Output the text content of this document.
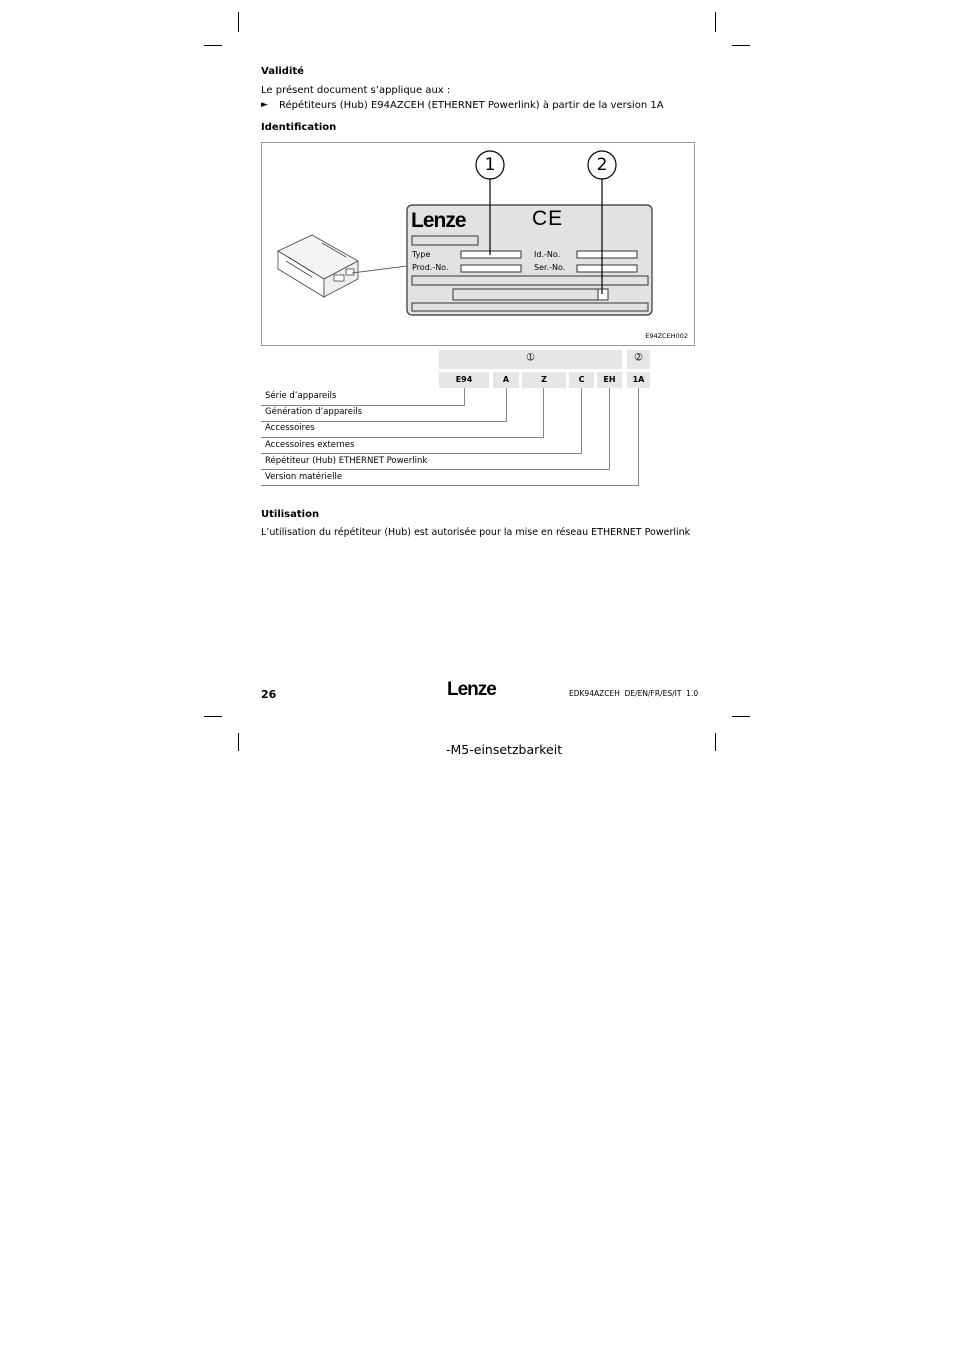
Validité
Le présent document s’applique aux :
► Répétiteurs (Hub) E94AZCEH (ETHERNET Powerlink) à partir de la version 1A
Identification
1	2
Lenze	CE
Type
Prod.-No.
Id.-No.
Ser.-No.
E94ZCEH002
➀	➁
E94	A	Z	C	EH	1A
Série d’appareils
Génération d’appareils
Accessoires
Accessoires externes
Répétiteur (Hub) ETHERNET Powerlink
Version matérielle
Utilisation
L’utilisation du répétiteur (Hub) est autorisée pour la mise en réseau ETHERNET Powerlink
26	Lenze	EDK94AZCEH  DE/EN/FR/ES/IT  1.0
-M5-einsetzbarkeit
